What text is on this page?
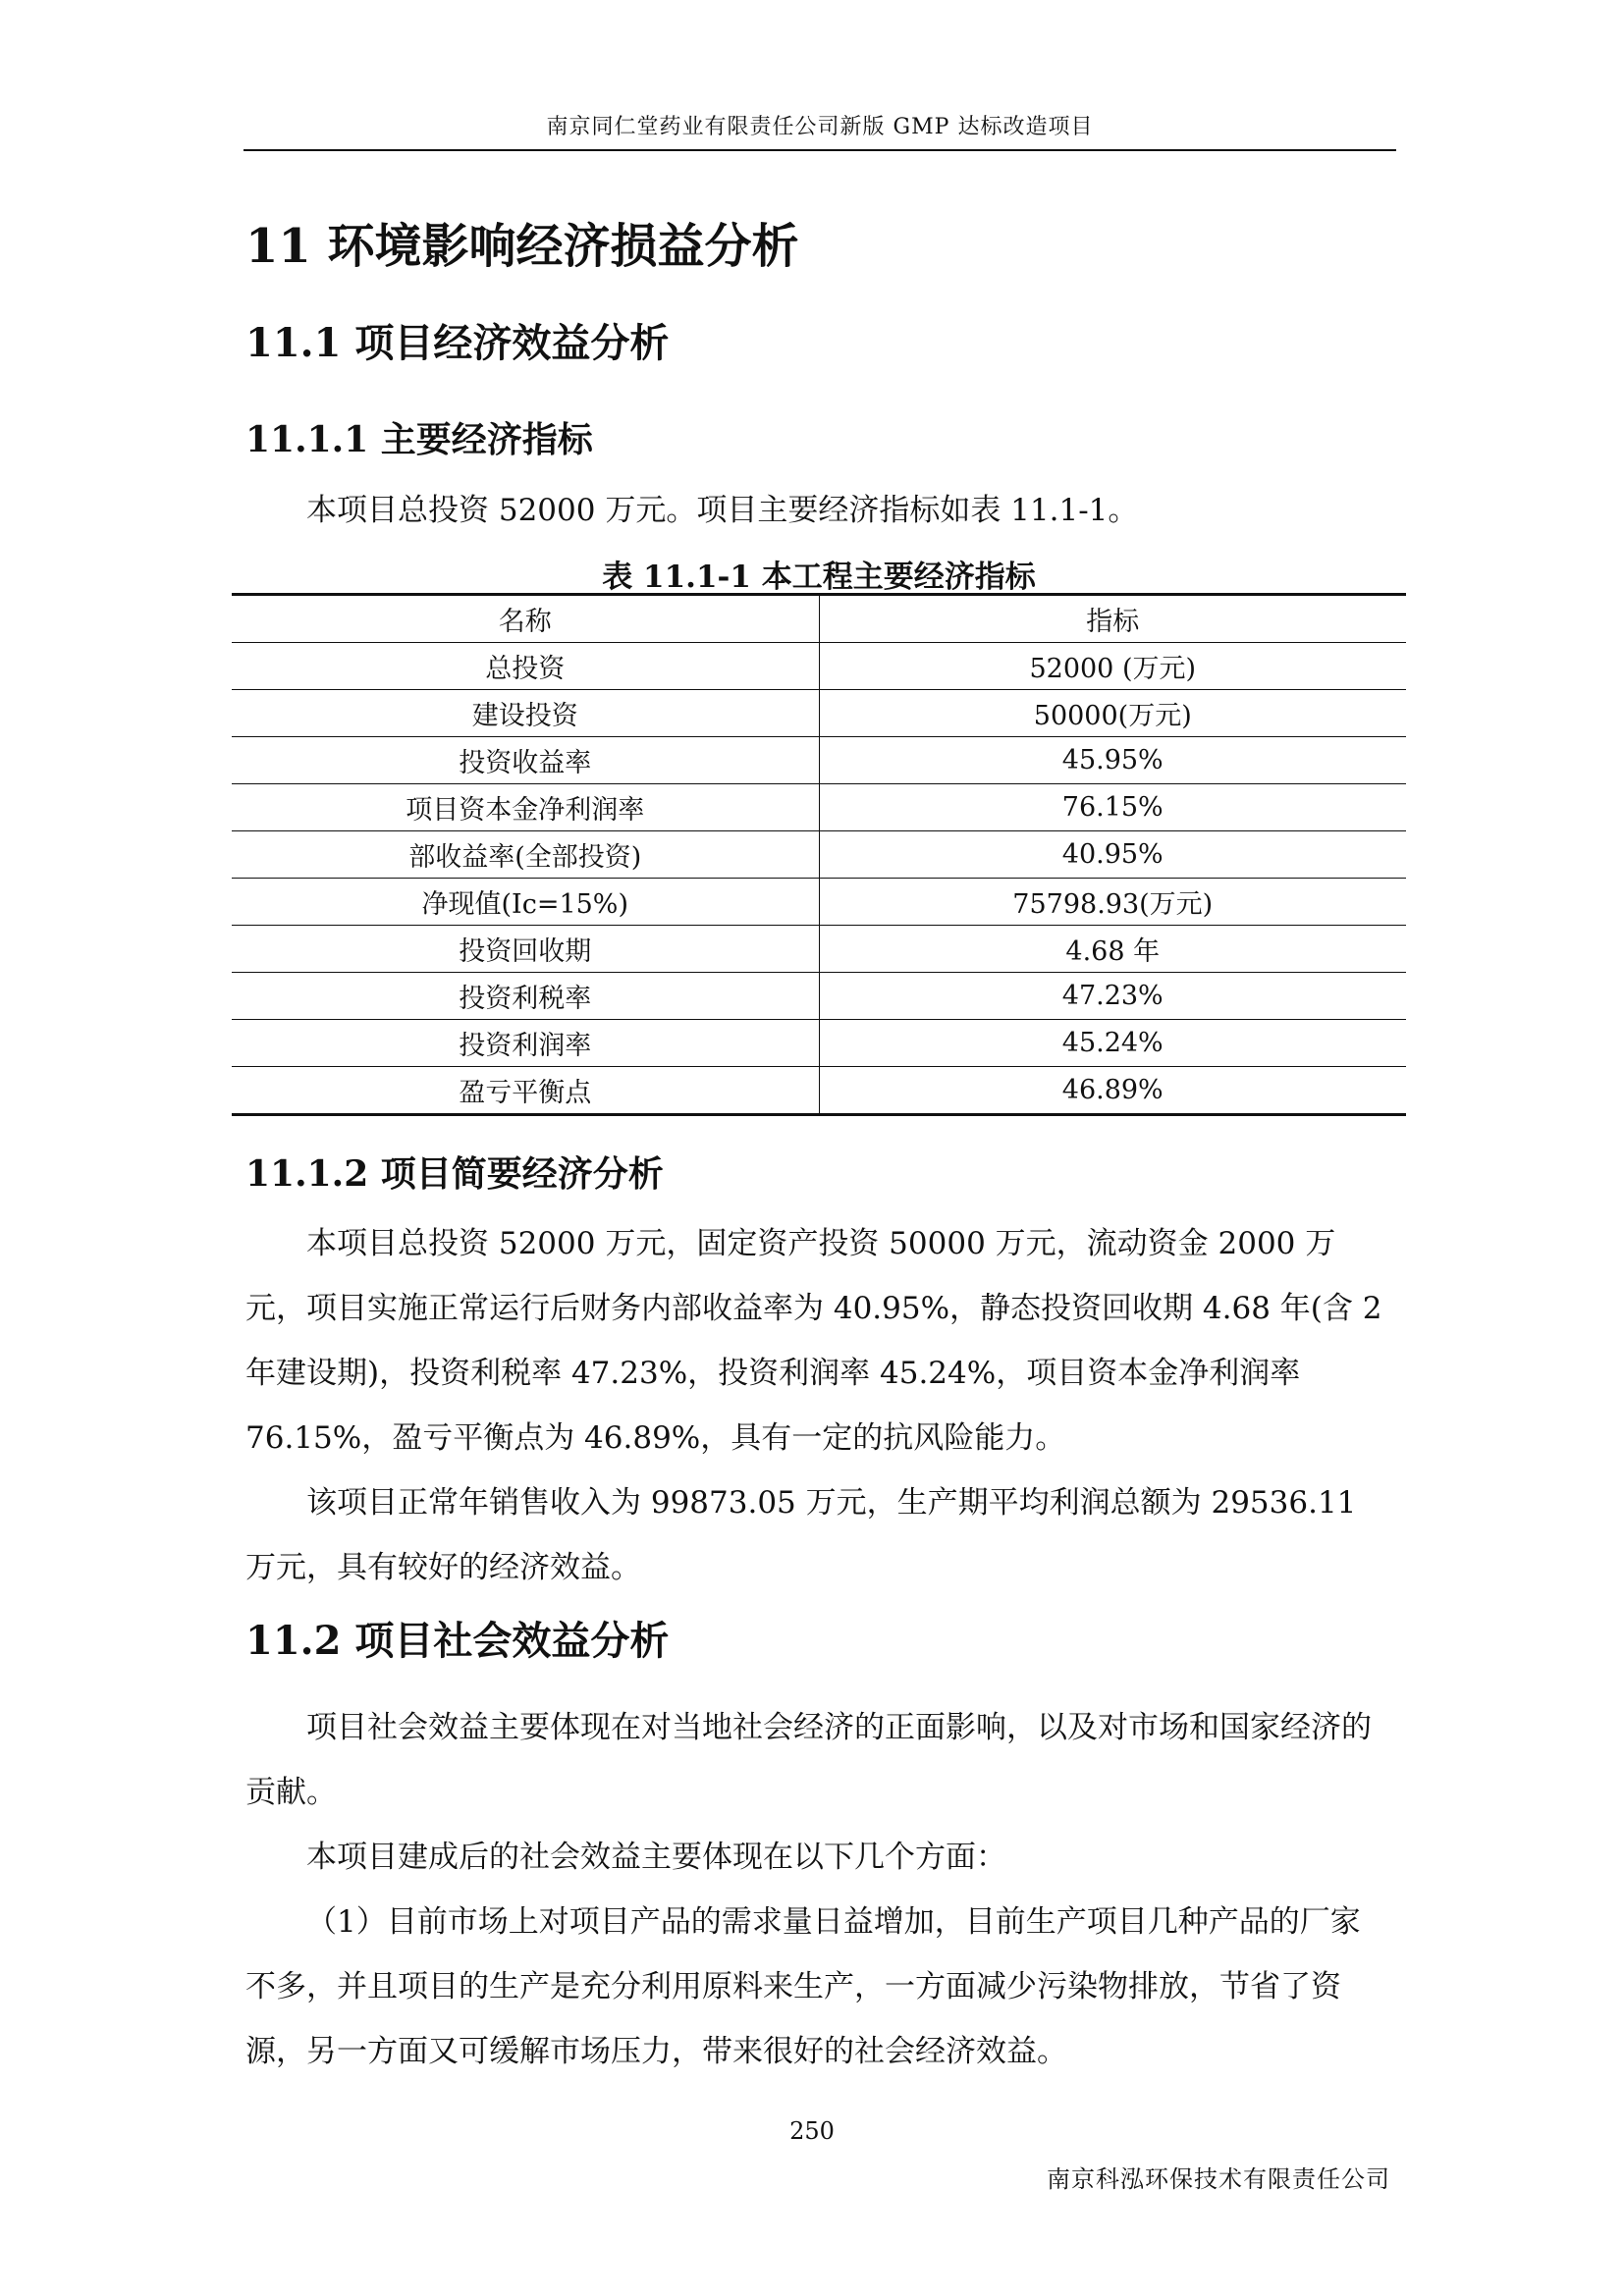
南京同仁堂药业有限责任公司新版 GMP 达标改造项目
11 环境影响经济损益分析
11.1 项目经济效益分析
11.1.1 主要经济指标

本项目总投资 52000 万元。项目主要经济指标如表 11.1-1。

表 11.1-1 本工程主要经济指标
名称	指标
总投资	52000 (万元)
建设投资	50000(万元)
投资收益率	45.95%
项目资本金净利润率	76.15%
部收益率(全部投资)	40.95%
净现值(Ic=15%)	75798.93(万元)
投资回收期	4.68 年
投资利税率	47.23%
投资利润率	45.24%
盈亏平衡点	46.89%
11.1.2 项目简要经济分析

本项目总投资 52000 万元，固定资产投资 50000 万元，流动资金 2000 万元，项目实施正常运行后财务内部收益率为 40.95%，静态投资回收期 4.68 年(含 2 年建设期)，投资利税率 47.23%，投资利润率 45.24%，项目资本金净利润率 76.15%，盈亏平衡点为 46.89%，具有一定的抗风险能力。

该项目正常年销售收入为 99873.05 万元，生产期平均利润总额为 29536.11 万元，具有较好的经济效益。

11.2 项目社会效益分析

项目社会效益主要体现在对当地社会经济的正面影响，以及对市场和国家经济的贡献。

本项目建成后的社会效益主要体现在以下几个方面：

（1）目前市场上对项目产品的需求量日益增加，目前生产项目几种产品的厂家不多，并且项目的生产是充分利用原料来生产，一方面减少污染物排放，节省了资源，另一方面又可缓解市场压力，带来很好的社会经济效益。

250
南京科泓环保技术有限责任公司
